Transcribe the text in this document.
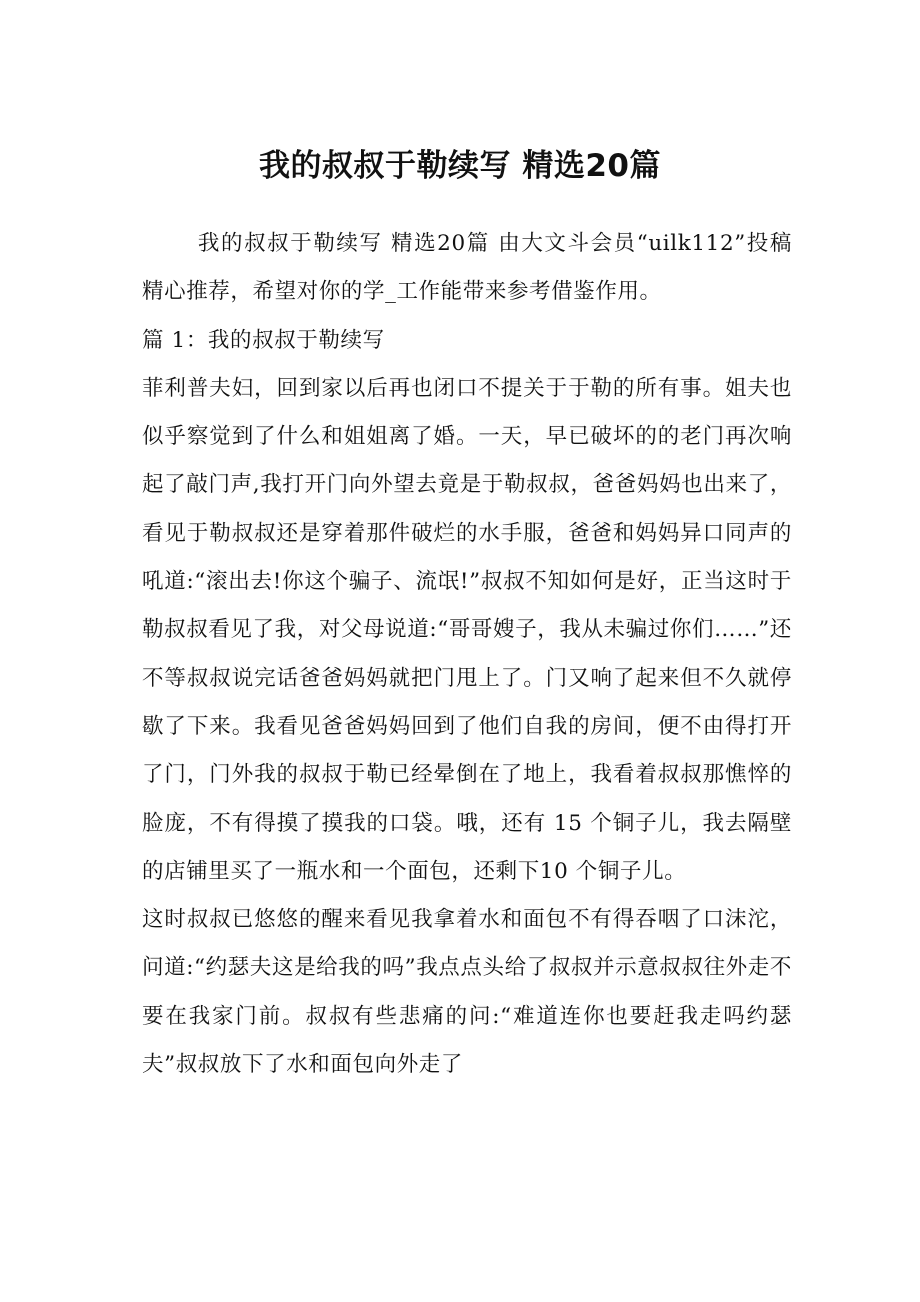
我的叔叔于勒续写 精选20篇

我的叔叔于勒续写 精选20篇 由大文斗会员“uilk112”投稿精心推荐，希望对你的学_工作能带来参考借鉴作用。

篇 1：我的叔叔于勒续写

菲利普夫妇，回到家以后再也闭口不提关于于勒的所有事。姐夫也似乎察觉到了什么和姐姐离了婚。一天，早已破坏的的老门再次响起了敲门声,我打开门向外望去竟是于勒叔叔，爸爸妈妈也出来了，看见于勒叔叔还是穿着那件破烂的水手服，爸爸和妈妈异口同声的吼道:“滚出去!你这个骗子、流氓!”叔叔不知如何是好，正当这时于勒叔叔看见了我，对父母说道:“哥哥嫂子，我从未骗过你们……”还不等叔叔说完话爸爸妈妈就把门甩上了。门又响了起来但不久就停歇了下来。我看见爸爸妈妈回到了他们自我的房间，便不由得打开了门，门外我的叔叔于勒已经晕倒在了地上，我看着叔叔那憔悴的脸庞，不有得摸了摸我的口袋。哦，还有 15 个铜子儿，我去隔壁的店铺里买了一瓶水和一个面包，还剩下10 个铜子儿。

这时叔叔已悠悠的醒来看见我拿着水和面包不有得吞咽了口沫沱，问道:“约瑟夫这是给我的吗”我点点头给了叔叔并示意叔叔往外走不要在我家门前。叔叔有些悲痛的问:“难道连你也要赶我走吗约瑟夫”叔叔放下了水和面包向外走了
